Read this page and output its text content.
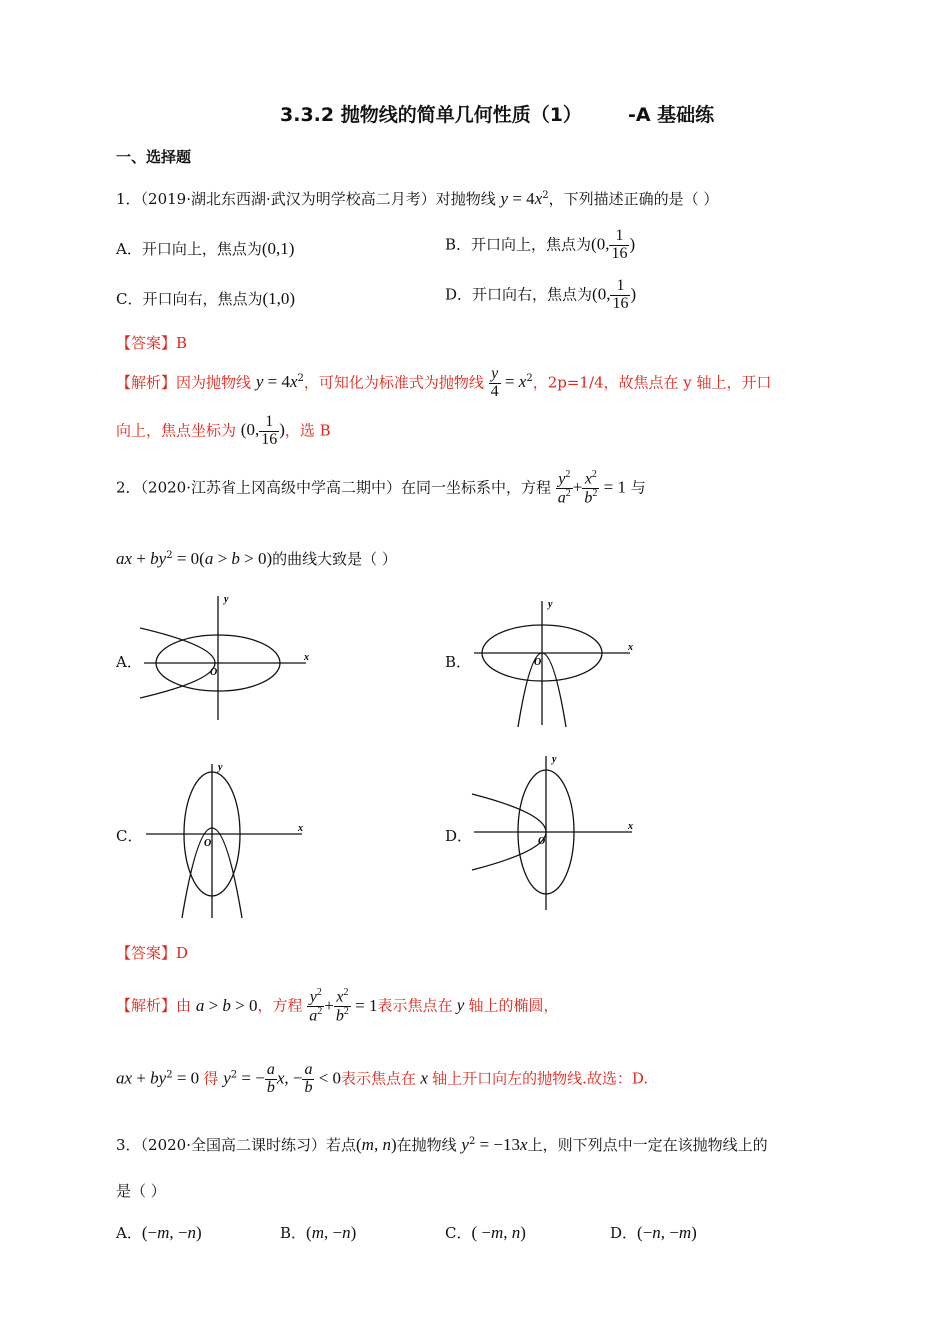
3.3.2 抛物线的简单几何性质（1） -A 基础练
一、选择题
1．（2019·湖北东西湖·武汉为明学校高二月考）对抛物线 $y = 4x^2$，下列描述正确的是（ ）
A．开口向上，焦点为(0,1)	B．开口向上，焦点为(0, $\frac{1}{16}$ )
C．开口向右，焦点为(1,0)	D．开口向右，焦点为(0, $\frac{1}{16}$ )
【答案】B
【解析】因为抛物线 $y = 4x^2$，可知化为标准式为抛物线 $\frac{y}{4} = x^2$，2p=1/4，故焦点在 y 轴上，开口
向上，焦点坐标为 (0, $\frac{1}{16}$ )，选 B
2．（2020·江苏省上冈高级中学高二期中）在同一坐标系中，方程 $\frac{y^2}{a^2} + \frac{x^2}{b^2} = 1$ 与
ax + $by^2 = 0(a > b > 0)$的曲线大致是（ ）
A．	B．
C．	D．
y
x
O
y
x
O
y
x
O
y
x
O
【答案】D
【解析】由 a > b > 0，方程 $\frac{y^2}{a^2} + \frac{x^2}{b^2} = 1$表示焦点在 y 轴上的椭圆，
ax + $by^2 = 0$ 得 $y^2$ = − $\frac{a}{b} x$, − $\frac{a}{b} < 0$表示焦点在 x 轴上开口向左的抛物线.故选：D.
3．（2020·全国高二课时练习）若点(m, n)在抛物线 $y^2 = -13x$上，则下列点中一定在该抛物线上的
是（ ）
A．(−m, −n)	B．(m, −n)	C．( −m, n)	D．(−n, −m)
